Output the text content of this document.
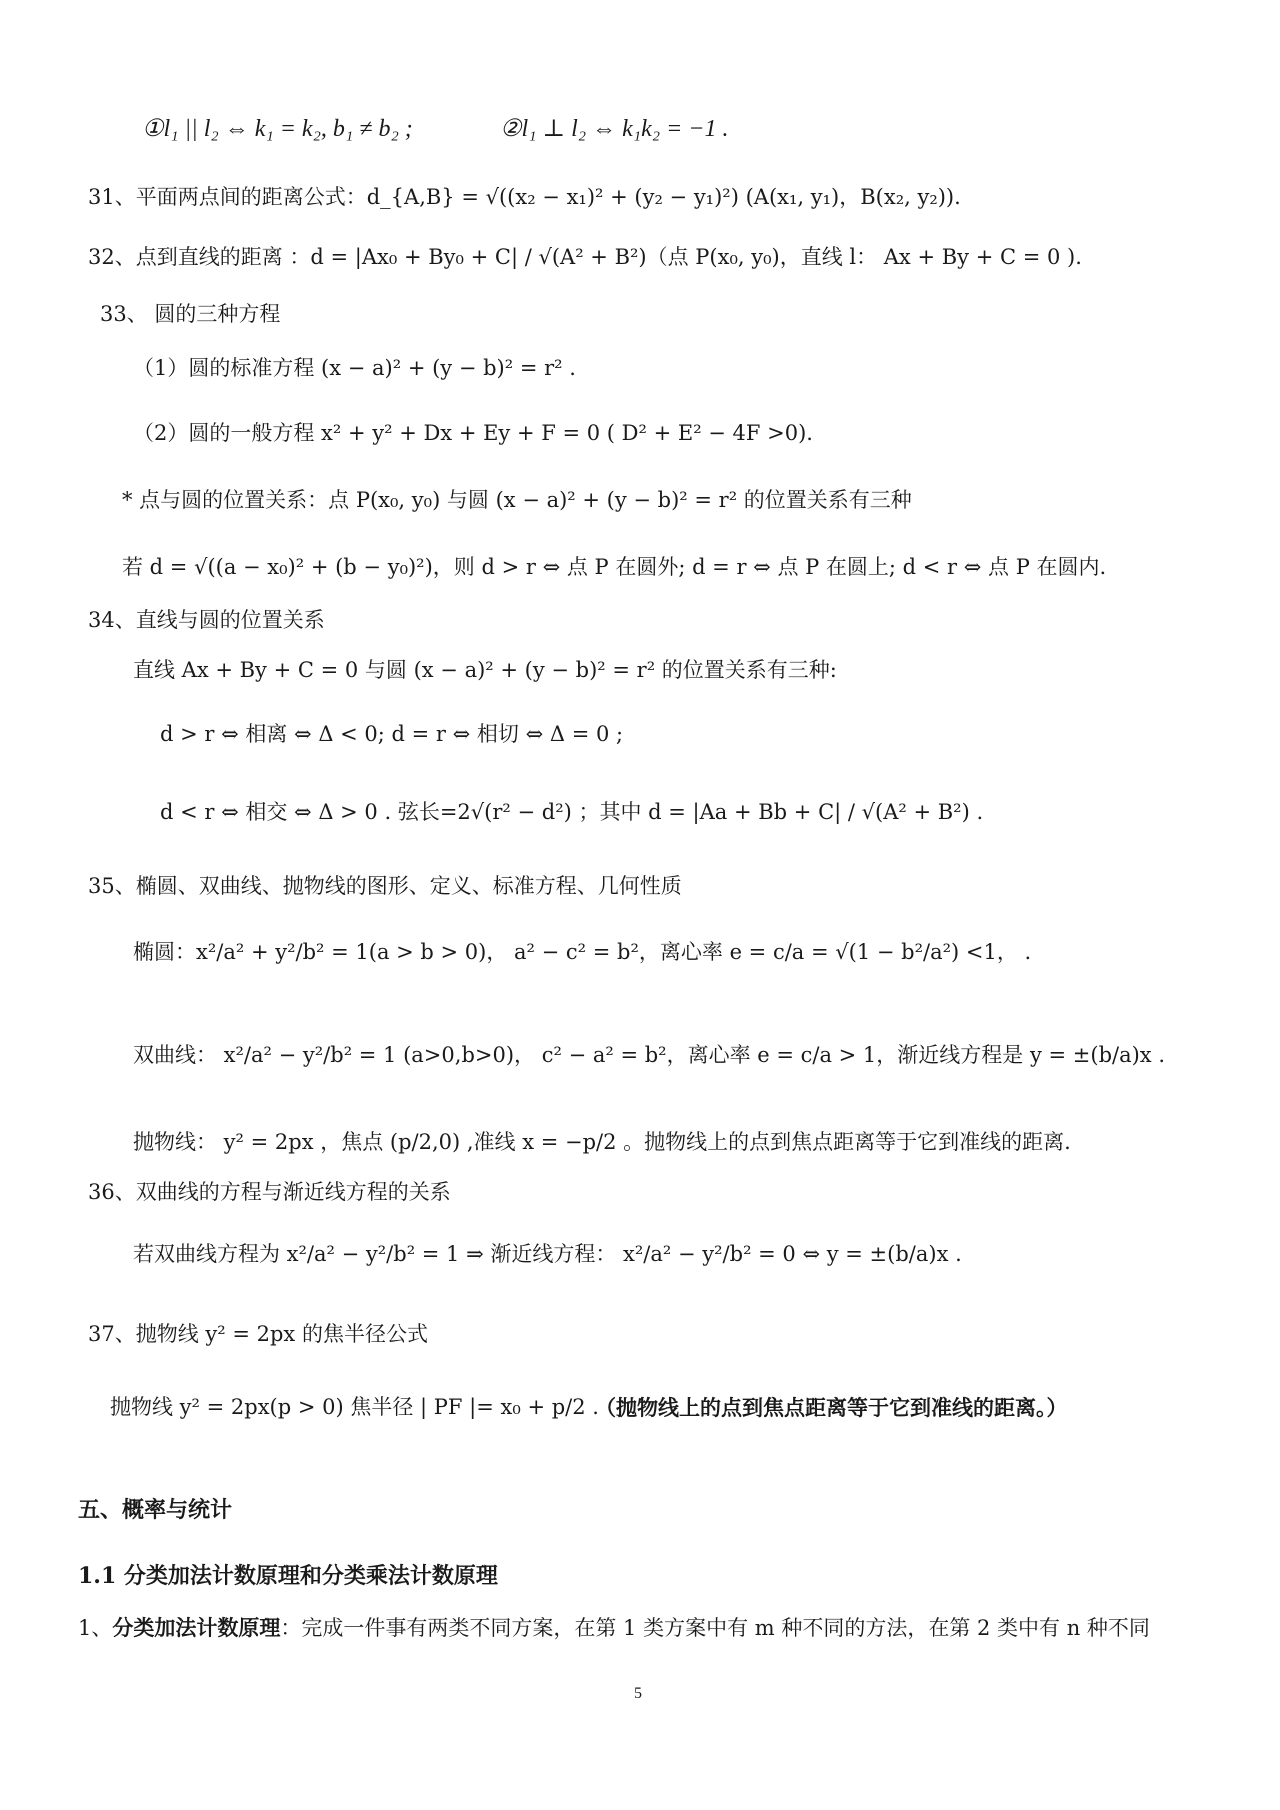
①l₁ || l₂ ⇔ k₁ = k₂, b₁ ≠ b₂ ;	②l₁ ⊥ l₂ ⇔ k₁k₂ = −1 .
31、平面两点间的距离公式：d_{A,B} = √((x₂ − x₁)² + (y₂ − y₁)²) (A(x₁, y₁)，B(x₂, y₂)).
32、点到直线的距离 ：d = |Ax₀ + By₀ + C| / √(A² + B²)（点 P(x₀, y₀)，直线 l： Ax + By + C = 0 ).
33、 圆的三种方程
（1）圆的标准方程 (x − a)² + (y − b)² = r² .
（2）圆的一般方程 x² + y² + Dx + Ey + F = 0 ( D² + E² − 4F >0).
* 点与圆的位置关系：点 P(x₀, y₀) 与圆 (x − a)² + (y − b)² = r² 的位置关系有三种
若 d = √((a − x₀)² + (b − y₀)²)，则 d > r ⇔ 点 P 在圆外; d = r ⇔ 点 P 在圆上; d < r ⇔ 点 P 在圆内.
34、直线与圆的位置关系
直线 Ax + By + C = 0 与圆 (x − a)² + (y − b)² = r² 的位置关系有三种:
d > r ⇔ 相离 ⇔ Δ < 0; d = r ⇔ 相切 ⇔ Δ = 0 ;
d < r ⇔ 相交 ⇔ Δ > 0 . 弦长=2√(r² − d²) ；其中 d = |Aa + Bb + C| / √(A² + B²) .
35、椭圆、双曲线、抛物线的图形、定义、标准方程、几何性质
椭圆：x²/a² + y²/b² = 1(a > b > 0)， a² − c² = b²，离心率 e = c/a = √(1 − b²/a²) <1， .
双曲线： x²/a² − y²/b² = 1 (a>0,b>0)， c² − a² = b²，离心率 e = c/a > 1，渐近线方程是 y = ±(b/a)x .
抛物线： y² = 2px ，焦点 (p/2,0) ,准线 x = −p/2 。抛物线上的点到焦点距离等于它到准线的距离.
36、双曲线的方程与渐近线方程的关系
若双曲线方程为 x²/a² − y²/b² = 1 ⇒ 渐近线方程： x²/a² − y²/b² = 0 ⇔ y = ±(b/a)x .
37、抛物线 y² = 2px 的焦半径公式
抛物线 y² = 2px(p > 0) 焦半径 | PF |= x₀ + p/2 .
（抛物线上的点到焦点距离等于它到准线的距离。）
五、概率与统计
1.1 分类加法计数原理和分类乘法计数原理
1、分类加法计数原理：完成一件事有两类不同方案，在第 1 类方案中有 m 种不同的方法，在第 2 类中有 n 种不同
5
